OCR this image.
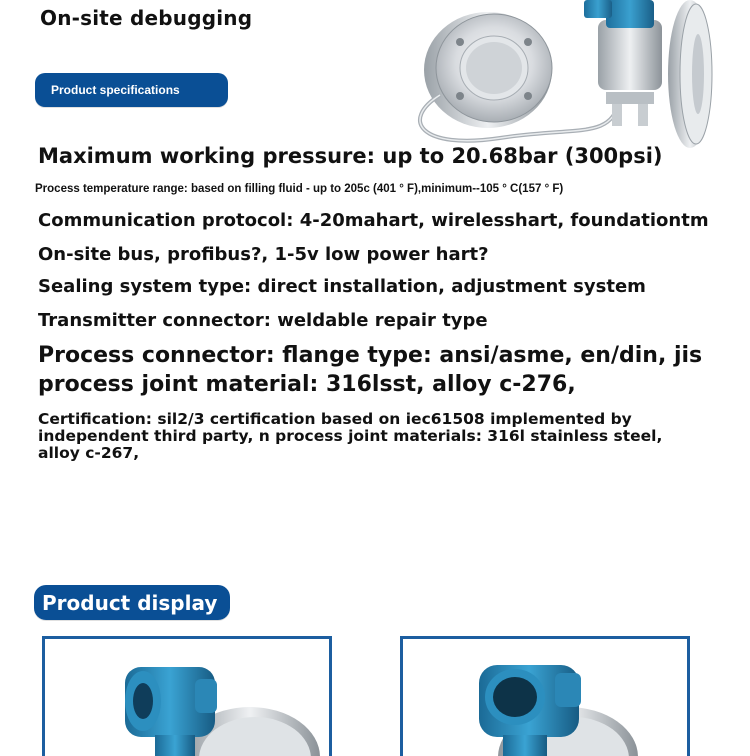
On-site debugging
Product specifications
Maximum working pressure: up to 20.68bar (300psi)
Process temperature range: based on filling fluid - up to 205c (401 ° F),minimum--105 ° C(157 ° F)
Communication protocol: 4-20mahart, wirelesshart, foundationtm
On-site bus, profibus?, 1-5v low power hart?
Sealing system type: direct installation, adjustment system
Transmitter connector: weldable repair type
Process connector: flange type: ansi/asme, en/din, jis
process joint material: 316lsst, alloy c-276,
Certification: sil2/3 certification based on iec61508 implemented by independent third party, n process joint materials: 316l stainless steel, alloy c-267,
Product display
